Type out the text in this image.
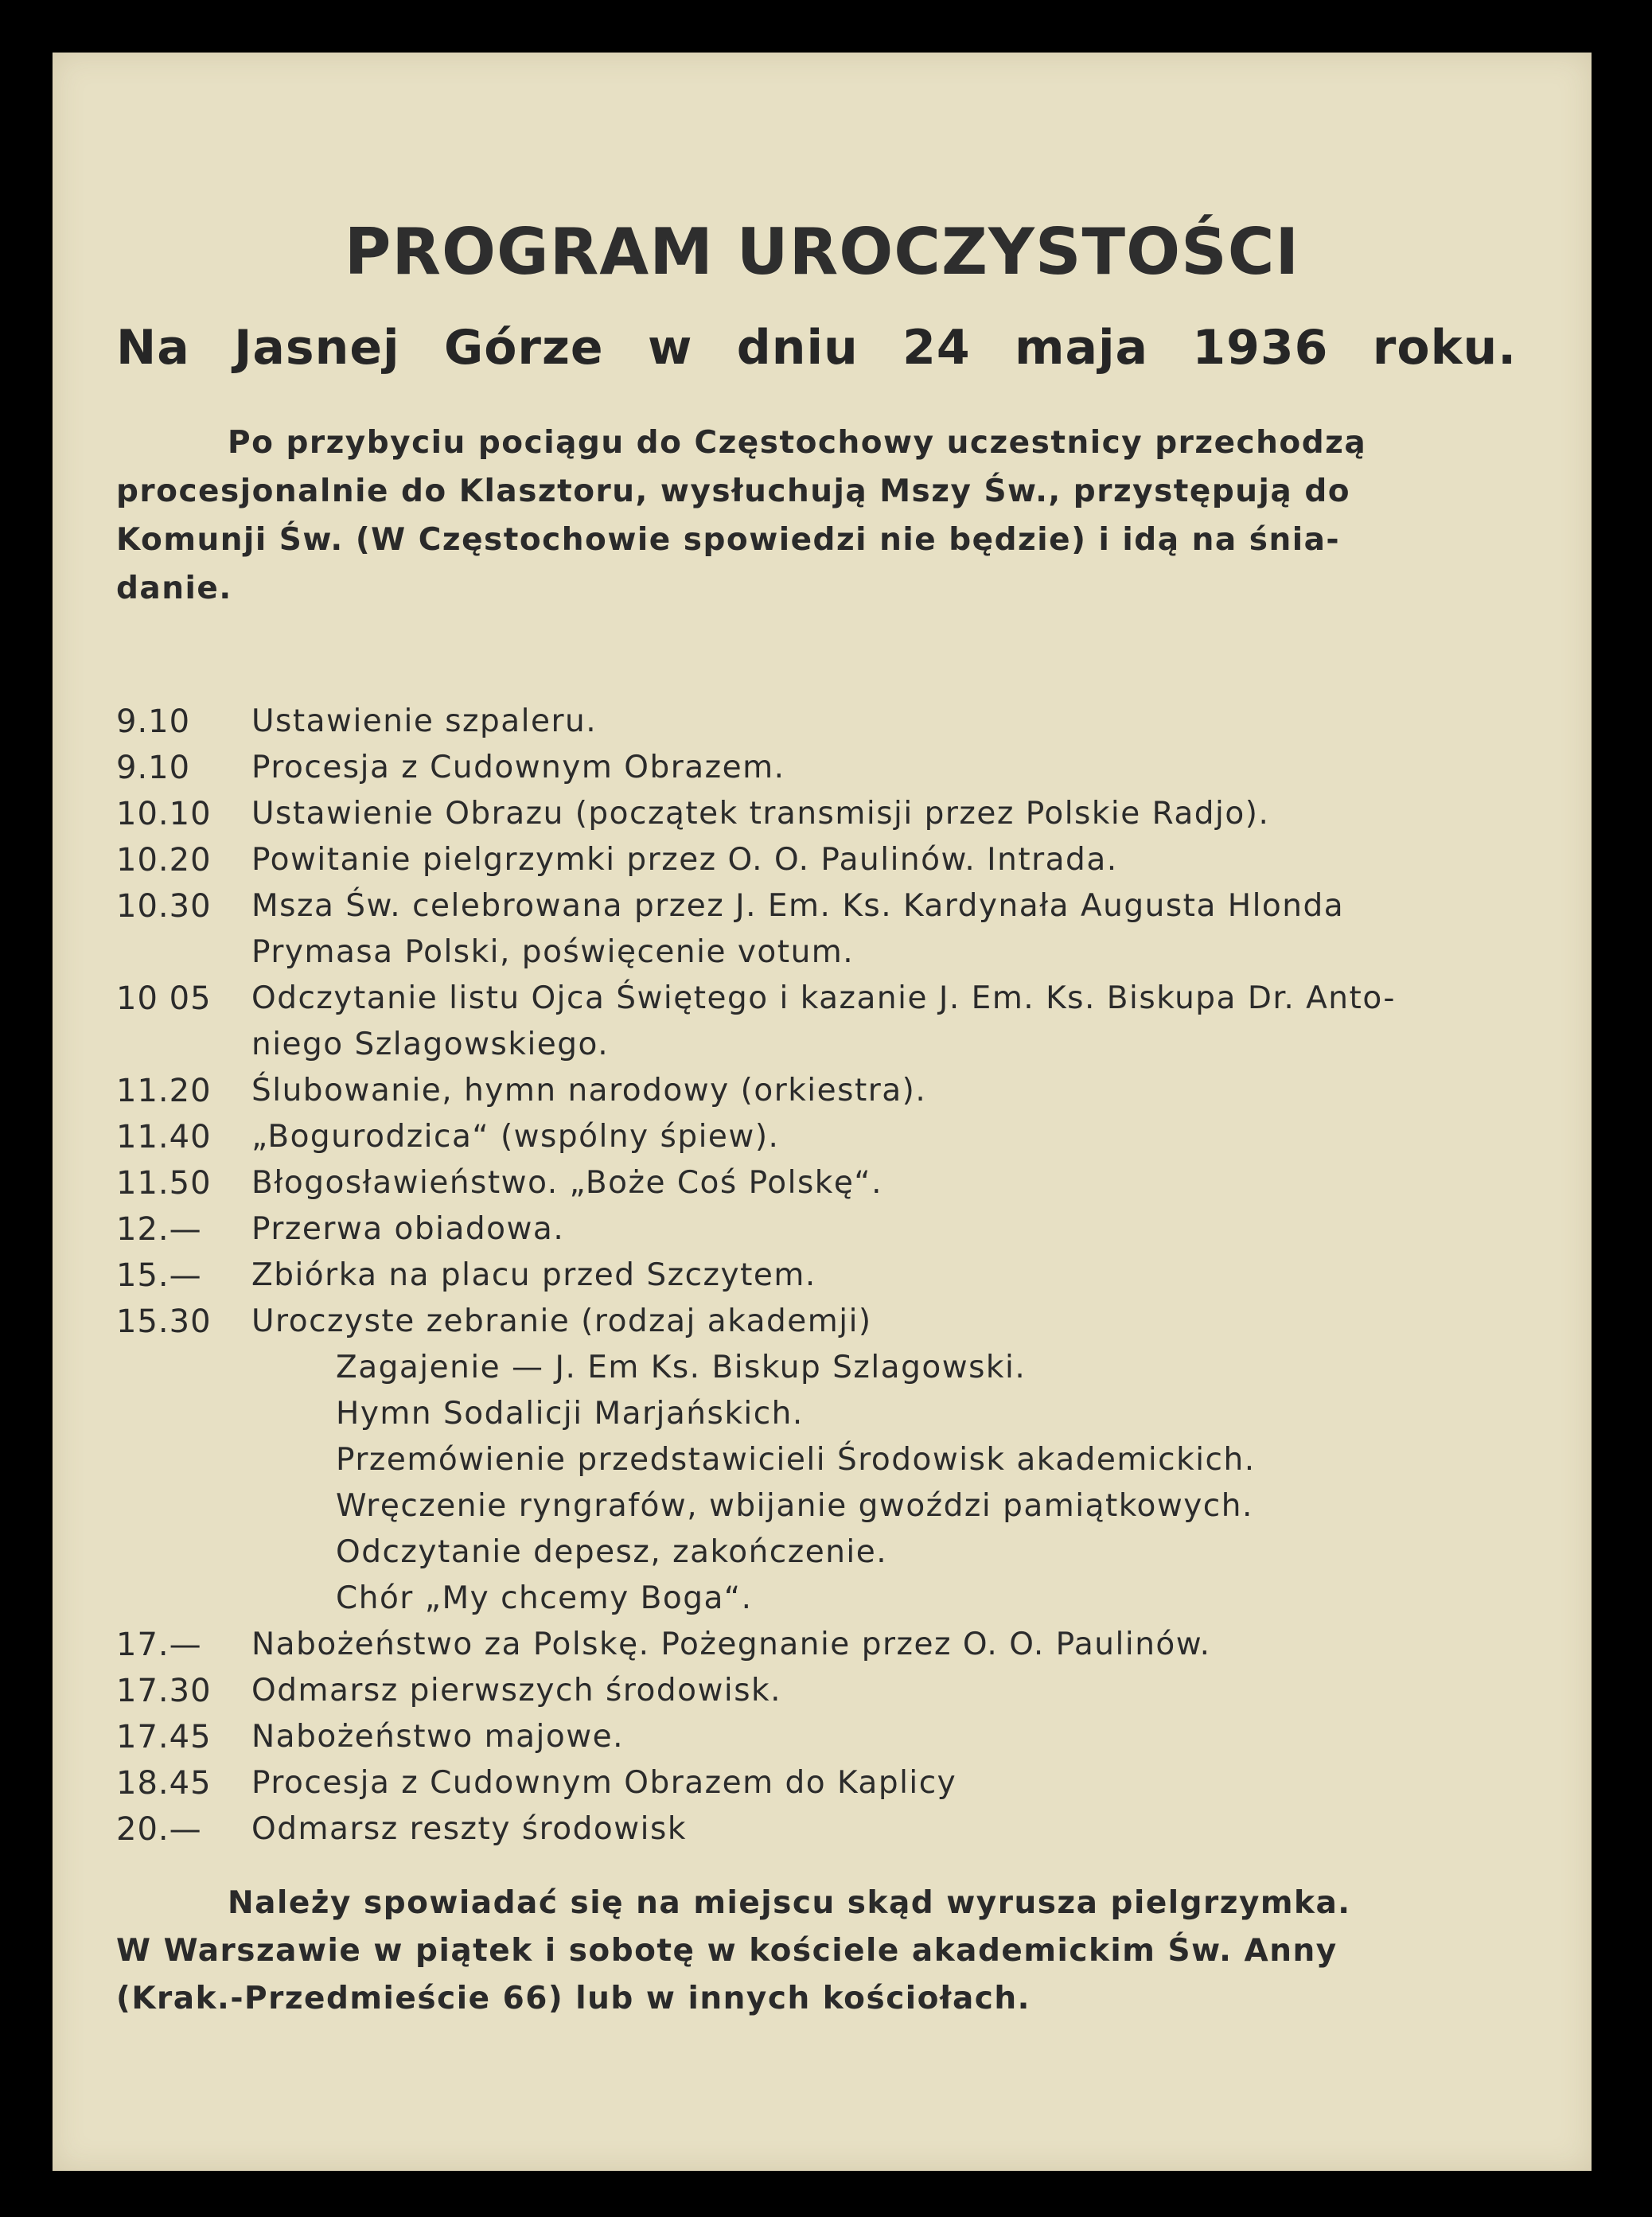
PROGRAM UROCZYSTOŚCI
Na Jasnej Górze w dniu 24 maja 1936 roku.
Po przybyciu pociągu do Częstochowy uczestnicy przechodzą
procesjonalnie do Klasztoru, wysłuchują Mszy Św., przystępują do
Komunji Św. (W Częstochowie spowiedzi nie będzie) i idą na śnia-
danie.
9.10	Ustawienie szpaleru.
9.10	Procesja z Cudownym Obrazem.
10.10	Ustawienie Obrazu (początek transmisji przez Polskie Radjo).
10.20	Powitanie pielgrzymki przez O. O. Paulinów. Intrada.
10.30	Msza Św. celebrowana przez J. Em. Ks. Kardynała Augusta Hlonda
Prymasa Polski, poświęcenie votum.
10 05	Odczytanie listu Ojca Świętego i kazanie J. Em. Ks. Biskupa Dr. Anto-
niego Szlagowskiego.
11.20	Ślubowanie, hymn narodowy (orkiestra).
11.40	„Bogurodzica“ (wspólny śpiew).
11.50	Błogosławieństwo. „Boże Coś Polskę“.
12.—	Przerwa obiadowa.
15.—	Zbiórka na placu przed Szczytem.
15.30	Uroczyste zebranie (rodzaj akademji)
Zagajenie — J. Em Ks. Biskup Szlagowski.
Hymn Sodalicji Marjańskich.
Przemówienie przedstawicieli Środowisk akademickich.
Wręczenie ryngrafów, wbijanie gwoździ pamiątkowych.
Odczytanie depesz, zakończenie.
Chór „My chcemy Boga“.
17.—	Nabożeństwo za Polskę. Pożegnanie przez O. O. Paulinów.
17.30	Odmarsz pierwszych środowisk.
17.45	Nabożeństwo majowe.
18.45	Procesja z Cudownym Obrazem do Kaplicy
20.—	Odmarsz reszty środowisk
Należy spowiadać się na miejscu skąd wyrusza pielgrzymka.
W Warszawie w piątek i sobotę w kościele akademickim Św. Anny
(Krak.-Przedmieście 66) lub w innych kościołach.
